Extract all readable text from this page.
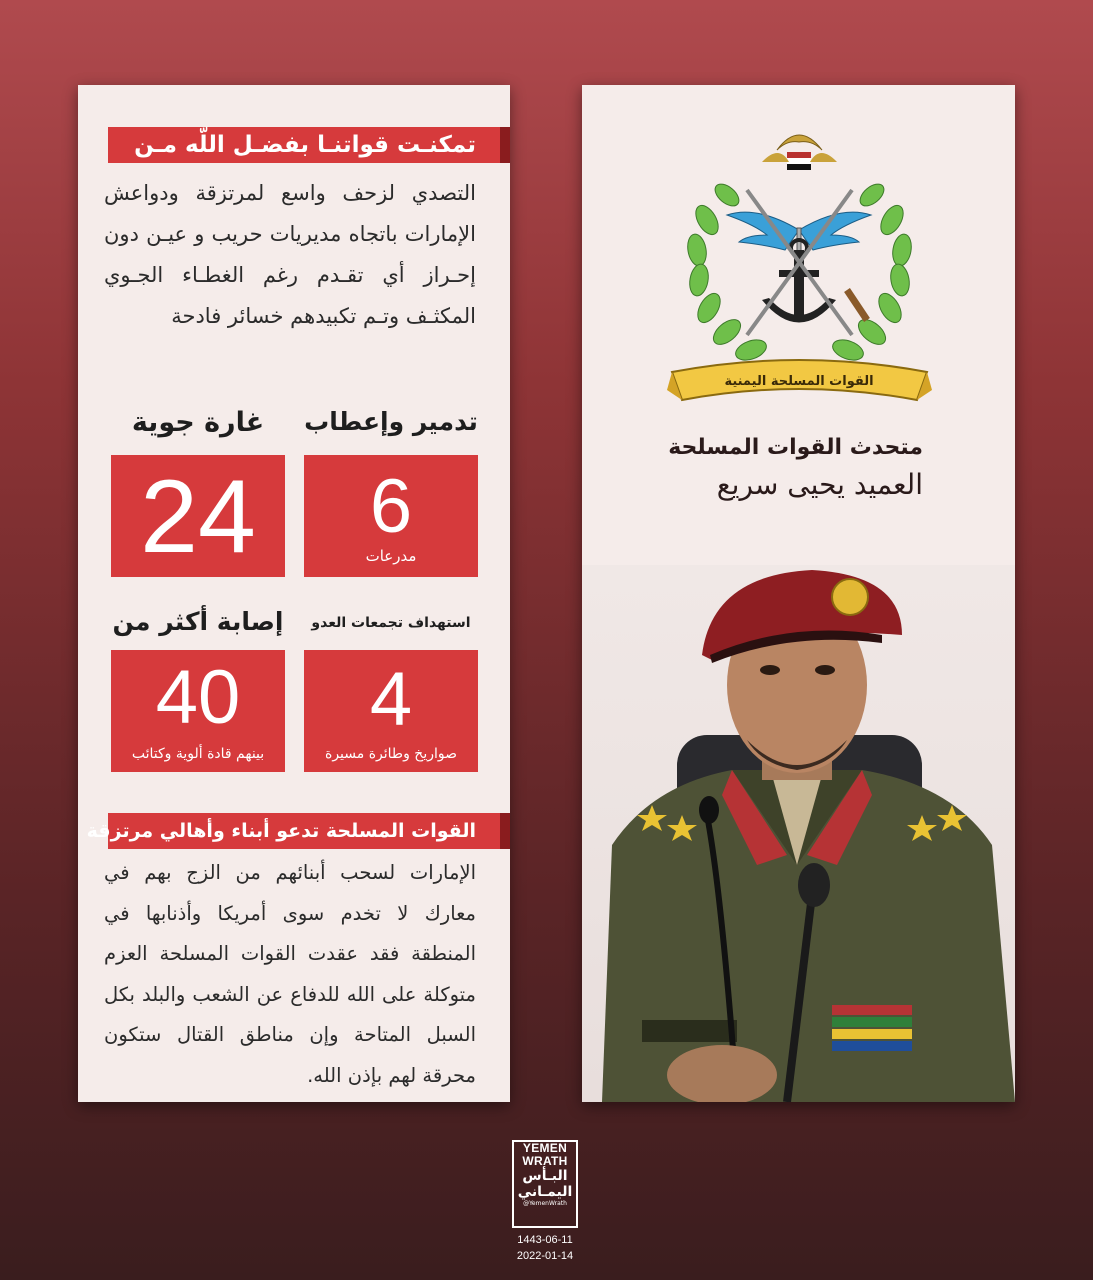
تمكنـت قواتنـا بفضـل اللّه مـن
التصدي لزحف واسع لمرتزقة ودواعش الإمارات باتجاه مديريات حريب و عيـن دون إحـراز أي تقـدم رغم الغطـاء الجـوي المكثـف وتـم تكبيدهم خسائر فادحة
تدمير وإعطاب
6
مدرعات
غارة جوية
24
استهداف تجمعات العدو
4
صواريخ وطائرة مسيرة
إصابة أكثر من
40
بينهم قادة ألوية وكتائب
القوات المسلحة تدعو أبناء وأهالي مرتزقة
الإمارات لسحب أبنائهم من الزج بهم في معارك لا تخدم سوى أمريكا وأذنابها في المنطقة فقد عقدت القوات المسلحة العزم متوكلة على الله للدفاع عن الشعب والبلد بكل السبل المتاحة وإن مناطق القتال ستكون محرقة لهم بإذن الله.
القوات المسلحة اليمنية
متحدث القوات المسلحة
العميد يحيى سريع
YEMEN
WRATH
البـأس
اليمـاني
@YemenWrath
1443-06-11
2022-01-14
